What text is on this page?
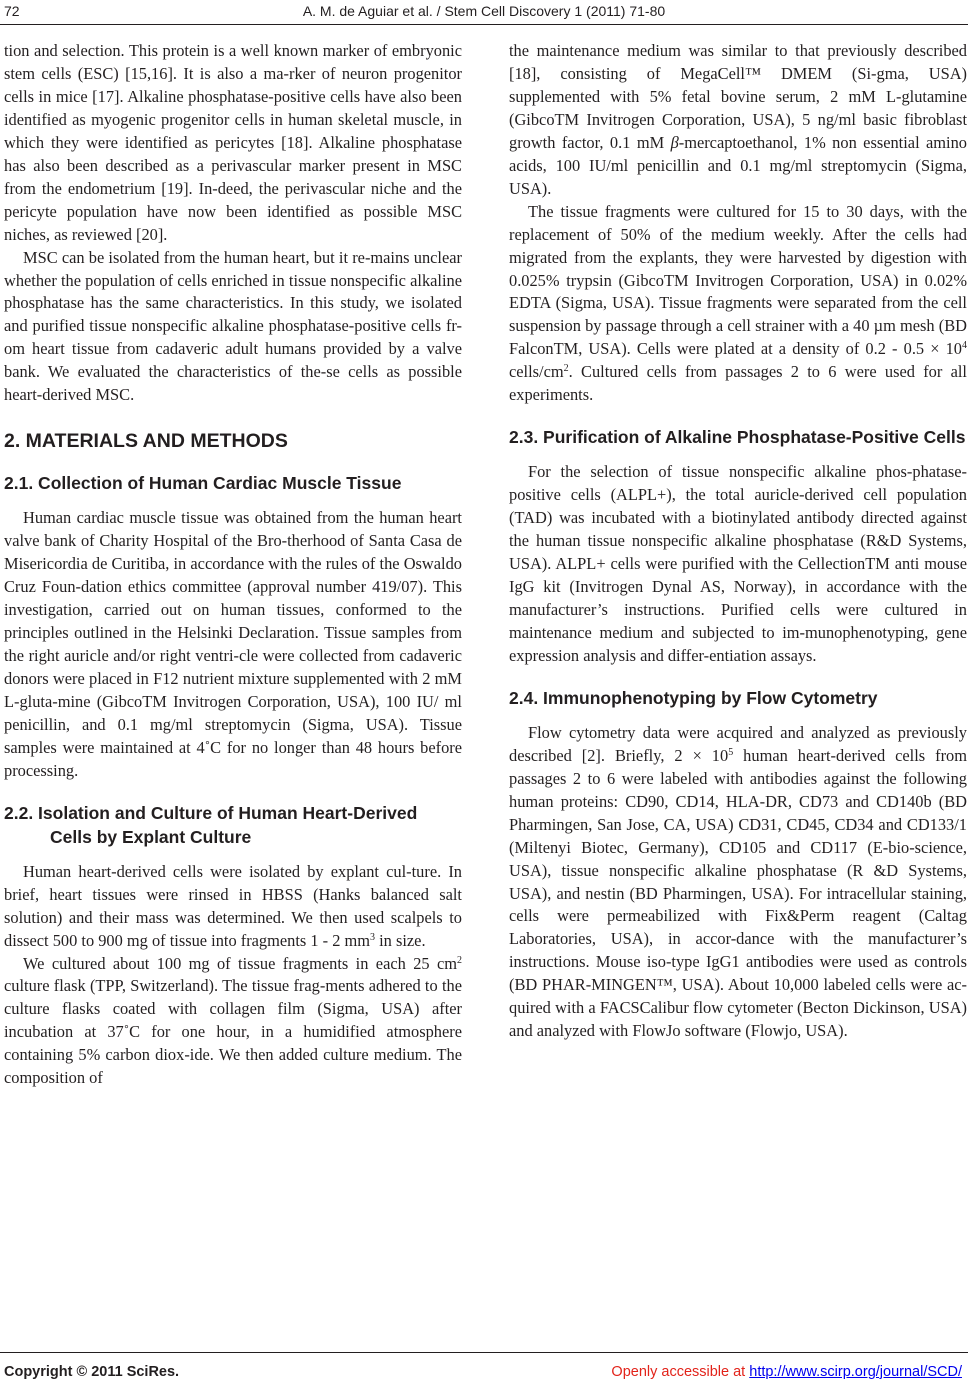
72	A. M. de Aguiar et al. / Stem Cell Discovery 1 (2011) 71-80

tion and selection. This protein is a well known marker of embryonic stem cells (ESC) [15,16]. It is also a ma-rker of neuron progenitor cells in mice [17]. Alkaline phosphatase-positive cells have also been identified as myogenic progenitor cells in human skeletal muscle, in which they were identified as pericytes [18]. Alkaline phosphatase has also been described as a perivascular marker present in MSC from the endometrium [19]. In-deed, the perivascular niche and the pericyte population have now been identified as possible MSC niches, as reviewed [20].

MSC can be isolated from the human heart, but it re-mains unclear whether the population of cells enriched in tissue nonspecific alkaline phosphatase has the same characteristics. In this study, we isolated and purified tissue nonspecific alkaline phosphatase-positive cells fr-om heart tissue from cadaveric adult humans provided by a valve bank. We evaluated the characteristics of the-se cells as possible heart-derived MSC.

2. MATERIALS AND METHODS
2.1. Collection of Human Cardiac Muscle Tissue

Human cardiac muscle tissue was obtained from the human heart valve bank of Charity Hospital of the Bro-therhood of Santa Casa de Misericordia de Curitiba, in accordance with the rules of the Oswaldo Cruz Foun-dation ethics committee (approval number 419/07). This investigation, carried out on human tissues, conformed to the principles outlined in the Helsinki Declaration. Tissue samples from the right auricle and/or right ventri-cle were collected from cadaveric donors were placed in F12 nutrient mixture supplemented with 2 mM L-gluta-mine (GibcoTM Invitrogen Corporation, USA), 100 IU/ ml penicillin, and 0.1 mg/ml streptomycin (Sigma, USA). Tissue samples were maintained at 4˚C for no longer than 48 hours before processing.

2.2. Isolation and Culture of Human Heart-Derived Cells by Explant Culture

Human heart-derived cells were isolated by explant cul-ture. In brief, heart tissues were rinsed in HBSS (Hanks balanced salt solution) and their mass was determined. We then used scalpels to dissect 500 to 900 mg of tissue into fragments 1 - 2 $mm^3$ in size.

We cultured about 100 mg of tissue fragments in each 25 $cm^2$ culture flask (TPP, Switzerland). The tissue frag-ments adhered to the culture flasks coated with collagen film (Sigma, USA) after incubation at 37˚C for one hour, in a humidified atmosphere containing 5% carbon diox-ide. We then added culture medium. The composition of

the maintenance medium was similar to that previously described [18], consisting of MegaCell™ DMEM (Si-gma, USA) supplemented with 5% fetal bovine serum, 2 mM L-glutamine (GibcoTM Invitrogen Corporation, USA), 5 ng/ml basic fibroblast growth factor, 0.1 mM β-mercaptoethanol, 1% non essential amino acids, 100 IU/ml penicillin and 0.1 mg/ml streptomycin (Sigma, USA).

The tissue fragments were cultured for 15 to 30 days, with the replacement of 50% of the medium weekly. After the cells had migrated from the explants, they were harvested by digestion with 0.025% trypsin (GibcoTM Invitrogen Corporation, USA) in 0.02% EDTA (Sigma, USA). Tissue fragments were separated from the cell suspension by passage through a cell strainer with a 40 µm mesh (BD FalconTM, USA). Cells were plated at a density of $0.2 - 0.5 \times 10^4$ cells/$cm^2$. Cultured cells from passages 2 to 6 were used for all experiments.

2.3. Purification of Alkaline Phosphatase-Positive Cells

For the selection of tissue nonspecific alkaline phos-phatase-positive cells (ALPL+), the total auricle-derived cell population (TAD) was incubated with a biotinylated antibody directed against the human tissue nonspecific alkaline phosphatase (R&D Systems, USA). ALPL+ cells were purified with the CellectionTM anti mouse IgG kit (Invitrogen Dynal AS, Norway), in accordance with the manufacturer’s instructions. Purified cells were cultured in maintenance medium and subjected to im-munophenotyping, gene expression analysis and differ-entiation assays.

2.4. Immunophenotyping by Flow Cytometry

Flow cytometry data were acquired and analyzed as previously described [2]. Briefly, $2 \times 10^5$ human heart-derived cells from passages 2 to 6 were labeled with antibodies against the following human proteins: CD90, CD14, HLA-DR, CD73 and CD140b (BD Pharmingen, San Jose, CA, USA) CD31, CD45, CD34 and CD133/1 (Miltenyi Biotec, Germany), CD105 and CD117 (E-bio-science, USA), tissue nonspecific alkaline phosphatase (R &D Systems, USA), and nestin (BD Pharmingen, USA). For intracellular staining, cells were permeabilized with Fix&Perm reagent (Caltag Laboratories, USA), in accor-dance with the manufacturer’s instructions. Mouse iso-type IgG1 antibodies were used as controls (BD PHAR-MINGEN™, USA). About 10,000 labeled cells were ac-quired with a FACSCalibur flow cytometer (Becton Dickinson, USA) and analyzed with FlowJo software (Flowjo, USA).

Copyright © 2011 SciRes.	Openly accessible at http://www.scirp.org/journal/SCD/
